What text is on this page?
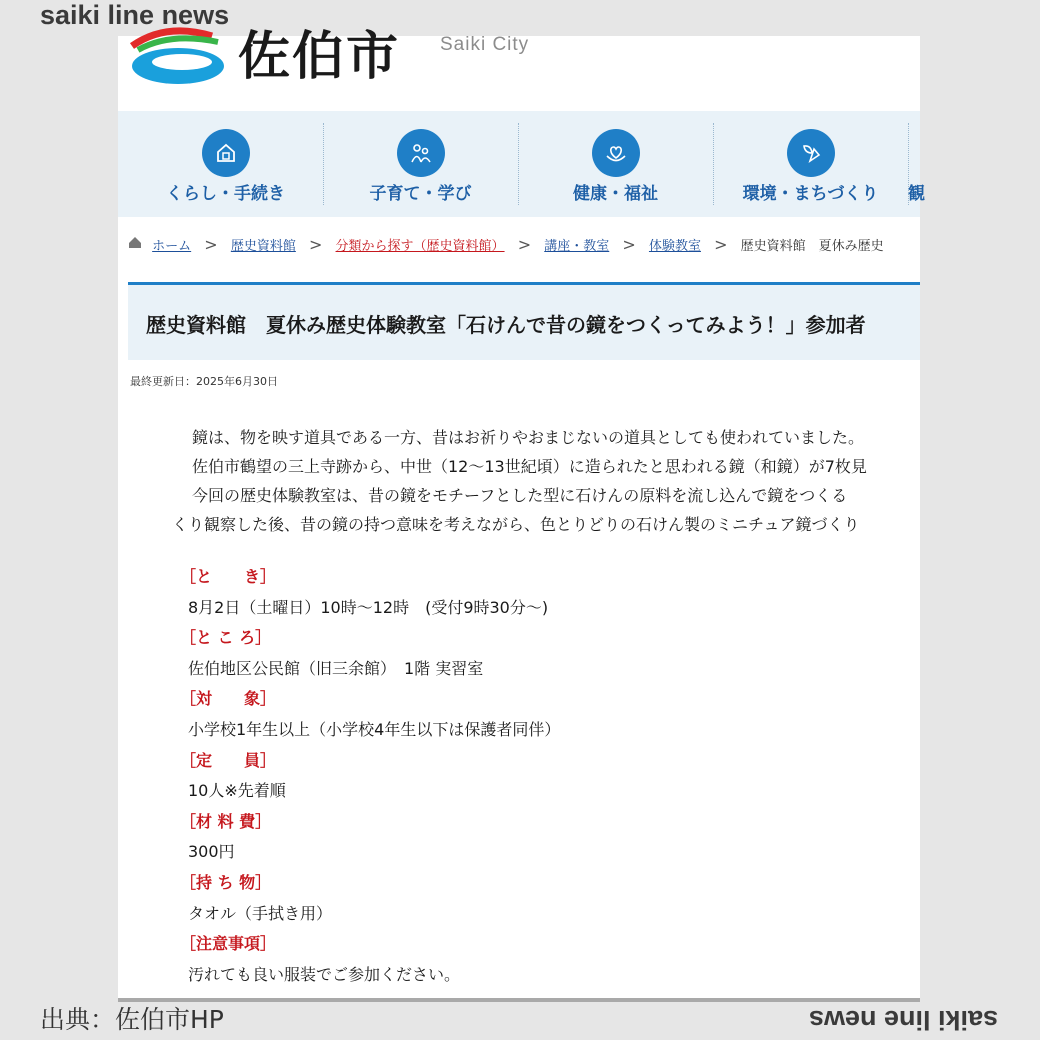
saiki line news
saiki line news
出典：佐伯市HP
佐伯市 Saiki City
くらし・手続き	子育て・学び	健康・福祉	環境・まちづくり	観
ホーム > 歴史資料館 > 分類から探す（歴史資料館） > 講座・教室 > 体験教室 > 歴史資料館　夏休み歴史
歴史資料館　夏休み歴史体験教室「石けんで昔の鏡をつくってみよう！」参加者
最終更新日：2025年6月30日

　鏡は、物を映す道具である一方、昔はお祈りやおまじないの道具としても使われていました。

　佐伯市鶴望の三上寺跡から、中世（12〜13世紀頃）に造られたと思われる鏡（和鏡）が7枚見

　今回の歴史体験教室は、昔の鏡をモチーフとした型に石けんの原料を流し込んで鏡をつくる

くり観察した後、昔の鏡の持つ意味を考えながら、色とりどりの石けん製のミニチュア鏡づくり

［と　　き］
8月2日（土曜日）10時〜12時　(受付9時30分〜)
［と こ ろ］
佐伯地区公民館（旧三余館）　1階 実習室
［対　　象］
小学校1年生以上（小学校4年生以下は保護者同伴）
［定　　員］
10人※先着順
［材 料 費］
300円
［持 ち 物］
タオル（手拭き用）
［注意事項］
汚れても良い服装でご参加ください。
